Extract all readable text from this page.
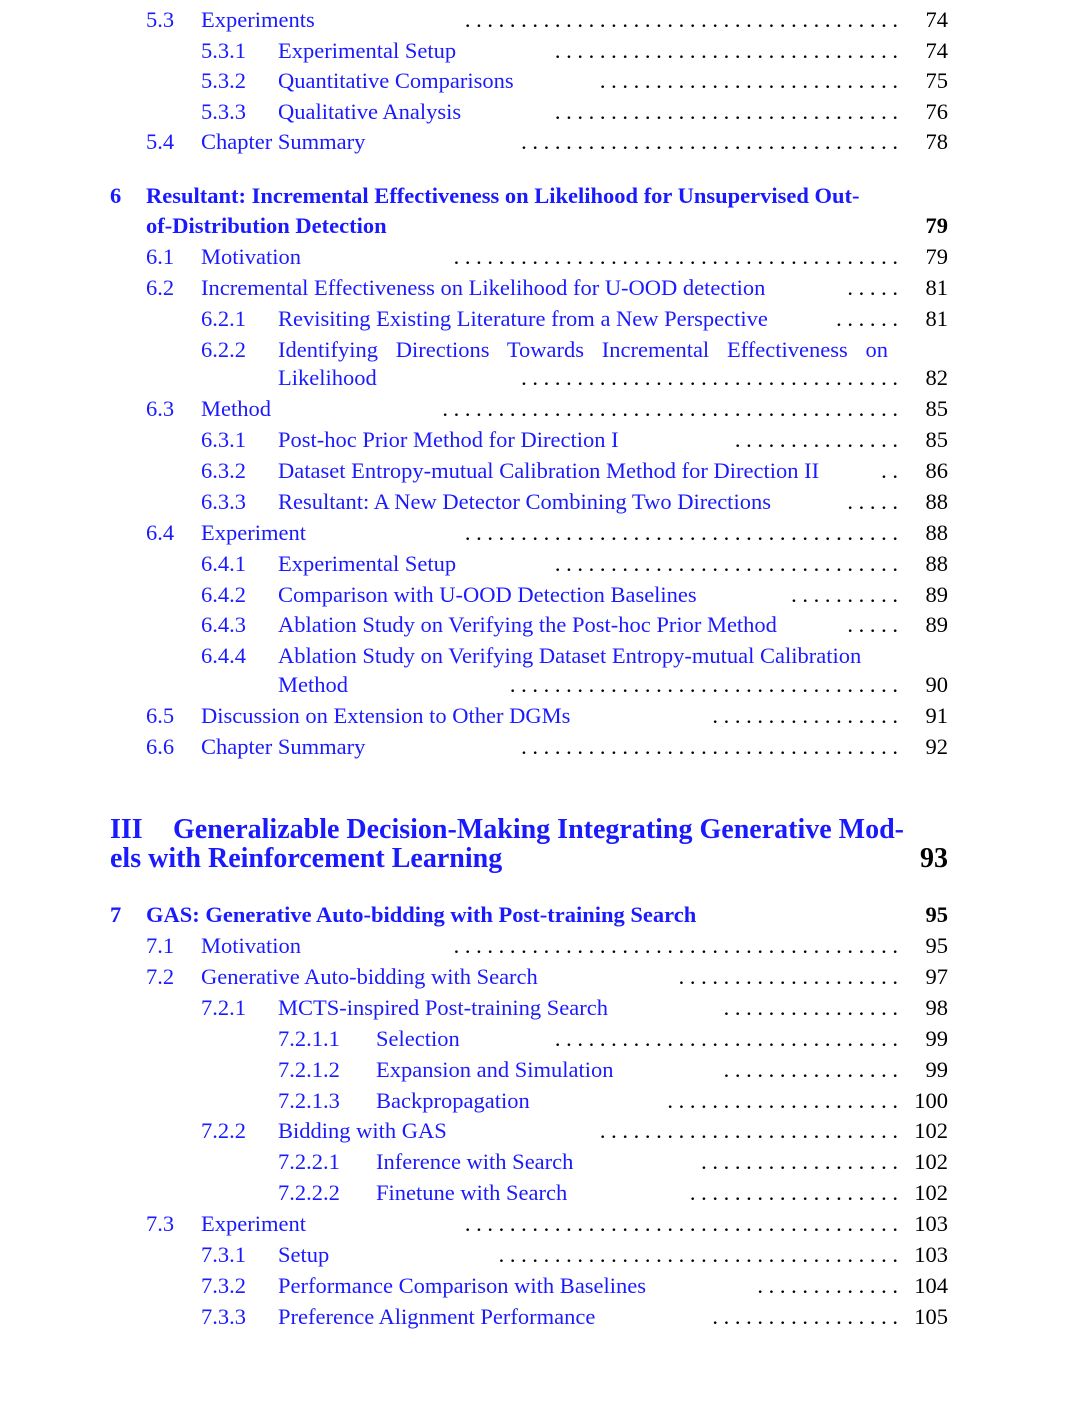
5.3 Experiments	. . . . . . . . . . . . . . . . . . . . . . . . . . . . . . . . . . . . . . . 74
5.3.1 Experimental Setup	. . . . . . . . . . . . . . . . . . . . . . . . . . . . . . . 74
5.3.2 Quantitative Comparisons	. . . . . . . . . . . . . . . . . . . . . . . . . . . 75
5.3.3 Qualitative Analysis	. . . . . . . . . . . . . . . . . . . . . . . . . . . . . . . 76
5.4 Chapter Summary	. . . . . . . . . . . . . . . . . . . . . . . . . . . . . . . . . . 78
6 Resultant: Incremental Effectiveness on Likelihood for Unsupervised Out-
of-Distribution Detection	79
6.1 Motivation	. . . . . . . . . . . . . . . . . . . . . . . . . . . . . . . . . . . . . . . . 79
6.2 Incremental Effectiveness on Likelihood for U-OOD detection	. . . . . 81
6.2.1 Revisiting Existing Literature from a New Perspective	. . . . . . 81
6.2.2 Identifying Directions Towards Incremental Effectiveness on
Likelihood	. . . . . . . . . . . . . . . . . . . . . . . . . . . . . . . . . . 82
6.3 Method	. . . . . . . . . . . . . . . . . . . . . . . . . . . . . . . . . . . . . . . . . 85
6.3.1 Post-hoc Prior Method for Direction I	. . . . . . . . . . . . . . . 85
6.3.2 Dataset Entropy-mutual Calibration Method for Direction II	. . 86
6.3.3 Resultant: A New Detector Combining Two Directions	. . . . . 88
6.4 Experiment	. . . . . . . . . . . . . . . . . . . . . . . . . . . . . . . . . . . . . . . 88
6.4.1 Experimental Setup	. . . . . . . . . . . . . . . . . . . . . . . . . . . . . . . 88
6.4.2 Comparison with U-OOD Detection Baselines	. . . . . . . . . . 89
6.4.3 Ablation Study on Verifying the Post-hoc Prior Method	. . . . . 89
6.4.4 Ablation Study on Verifying Dataset Entropy-mutual Calibration
Method	. . . . . . . . . . . . . . . . . . . . . . . . . . . . . . . . . . . 90
6.5 Discussion on Extension to Other DGMs	. . . . . . . . . . . . . . . . . 91
6.6 Chapter Summary	. . . . . . . . . . . . . . . . . . . . . . . . . . . . . . . . . . 92
III Generalizable Decision-Making Integrating Generative Mod-
els with Reinforcement Learning	93
7 GAS: Generative Auto-bidding with Post-training Search	95
7.1 Motivation	. . . . . . . . . . . . . . . . . . . . . . . . . . . . . . . . . . . . . . . . 95
7.2 Generative Auto-bidding with Search	. . . . . . . . . . . . . . . . . . . . 97
7.2.1 MCTS-inspired Post-training Search	. . . . . . . . . . . . . . . . 98
7.2.1.1 Selection	. . . . . . . . . . . . . . . . . . . . . . . . . . . . . . . 99
7.2.1.2 Expansion and Simulation	. . . . . . . . . . . . . . . . 99
7.2.1.3 Backpropagation	. . . . . . . . . . . . . . . . . . . . . 100
7.2.2 Bidding with GAS	. . . . . . . . . . . . . . . . . . . . . . . . . . . 102
7.2.2.1 Inference with Search	. . . . . . . . . . . . . . . . . . 102
7.2.2.2 Finetune with Search	. . . . . . . . . . . . . . . . . . . 102
7.3 Experiment	. . . . . . . . . . . . . . . . . . . . . . . . . . . . . . . . . . . . . . . 103
7.3.1 Setup	. . . . . . . . . . . . . . . . . . . . . . . . . . . . . . . . . . . . 103
7.3.2 Performance Comparison with Baselines	. . . . . . . . . . . . . 104
7.3.3 Preference Alignment Performance	. . . . . . . . . . . . . . . . . 105
